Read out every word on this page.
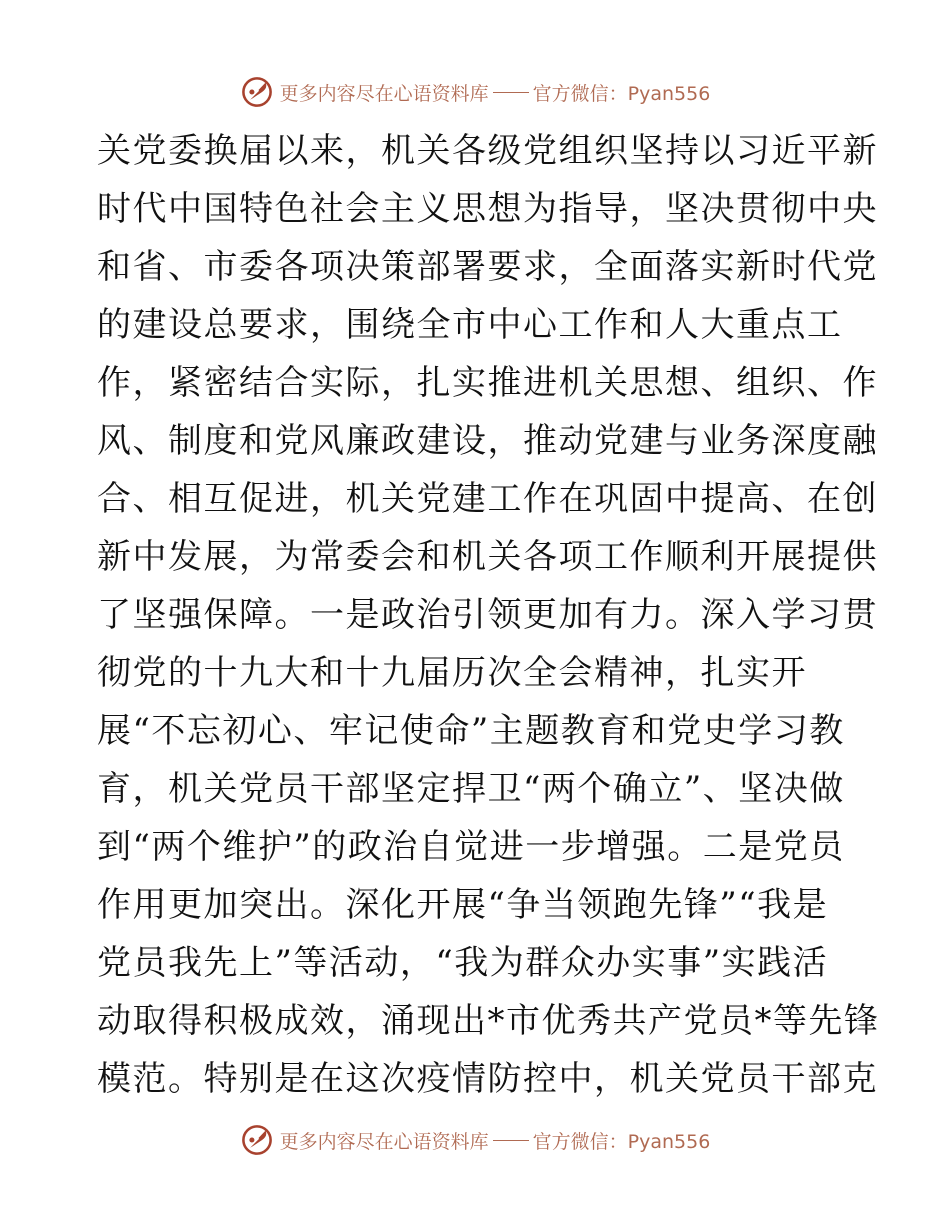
更多内容尽在心语资料库 官方微信：Pyan556
关党委换届以来，机关各级党组织坚持以习近平新
时代中国特色社会主义思想为指导，坚决贯彻中央
和省、市委各项决策部署要求，全面落实新时代党
的建设总要求，围绕全市中心工作和人大重点工
作，紧密结合实际，扎实推进机关思想、组织、作
风、制度和党风廉政建设，推动党建与业务深度融
合、相互促进，机关党建工作在巩固中提高、在创
新中发展，为常委会和机关各项工作顺利开展提供
了坚强保障。一是政治引领更加有力。深入学习贯
彻党的十九大和十九届历次全会精神，扎实开
展“不忘初心、牢记使命”主题教育和党史学习教
育，机关党员干部坚定捍卫“两个确立”、坚决做
到“两个维护”的政治自觉进一步增强。二是党员
作用更加突出。深化开展“争当领跑先锋”“我是
党员我先上”等活动，“我为群众办实事”实践活
动取得积极成效，涌现出*市优秀共产党员*等先锋
模范。特别是在这次疫情防控中，机关党员干部克
更多内容尽在心语资料库 官方微信：Pyan556
